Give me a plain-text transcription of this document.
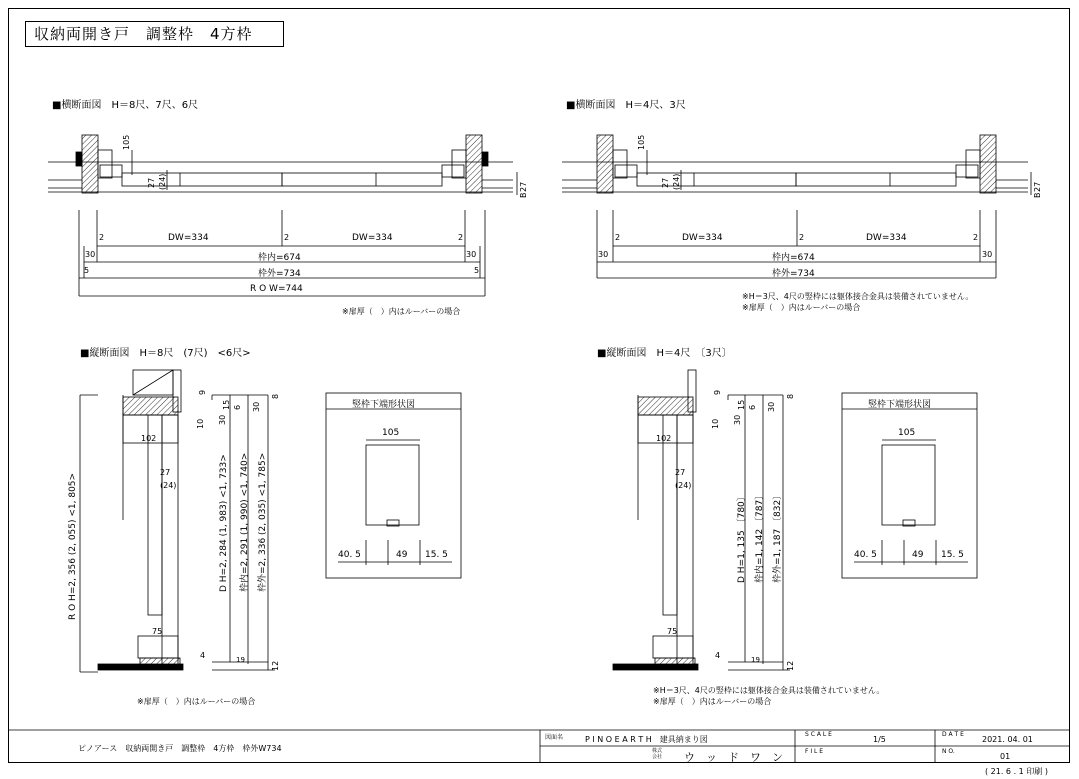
収納両開き戸　調整枠　4方枠
■横断面図　H＝8尺、7尺、6尺
105
27 (24)	27
B
2	2	2
DW=334	DW=334
30	30
枠内=674
5	5
枠外=734
R O W=744
※扉厚（　）内はルーバーの場合
■横断面図　H＝4尺、3尺
105
27 (24)	27
B
2	2	2
DW=334	DW=334
30	30
枠内=674
枠外=734
※H＝3尺、4尺の竪枠には躯体接合金具は装備されていません。
※扉厚（　）内はルーバーの場合
■縦断面図　H＝8尺　(7尺)　<6尺>
9
8
10 30
15 6 30
102
27
(24)
75
4	19
12
R O H=2, 356 (2, 055) <1, 805>	D H=2, 284 (1, 983) <1, 733>	枠内=2, 291 (1, 990) <1, 740> 枠外=2, 336 (2, 035) <1, 785>
※扉厚（　）内はルーバーの場合
竪枠下端形状図
105
40. 5	49 15. 5
■縦断面図　H＝4尺　〔3尺〕
9
8
10 30
15 6 30
102
27
(24)
75
4	19
12
D H=1, 135 〔780〕 枠内=1, 142 〔787〕 枠外=1, 187 〔832〕
※H＝3尺、4尺の竪枠には躯体接合金具は装備されていません。
※扉厚（　）内はルーバーの場合
竪枠下端形状図
105
40. 5	49 15. 5
ピノアース　収納両開き戸　調整枠　4方枠　枠外W734
図面名	P I N O E A R T H　建具納まり図
株式
会社 ウ　ッ　ド　ワ　ン
S C A L E
1/5
F I L E
D A T E
2021. 04. 01
N O.
01
( 21. 6 . 1 印刷 )
